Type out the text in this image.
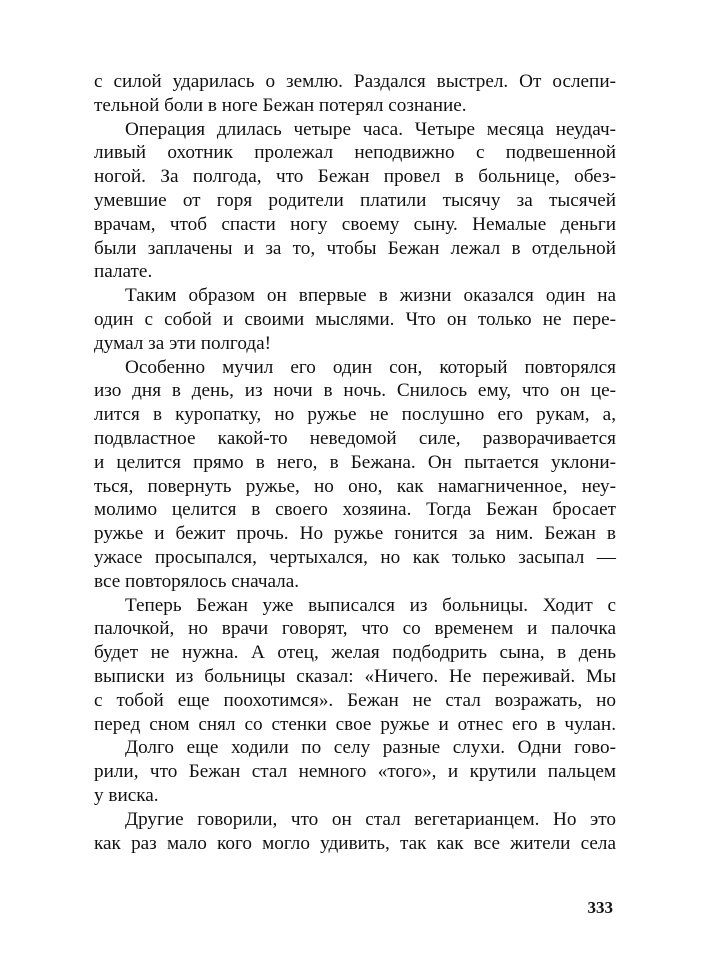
с силой ударилась о землю. Раздался выстрел. От ослепи-
тельной боли в ноге Бежан потерял сознание.
Операция длилась четыре часа. Четыре месяца неудач-
ливый охотник пролежал неподвижно с подвешенной
ногой. За полгода, что Бежан провел в больнице, обез-
умевшие от горя родители платили тысячу за тысячей
врачам, чтоб спасти ногу своему сыну. Немалые деньги
были заплачены и за то, чтобы Бежан лежал в отдельной
палате.
Таким образом он впервые в жизни оказался один на
один с собой и своими мыслями. Что он только не пере-
думал за эти полгода!
Особенно мучил его один сон, который повторялся
изо дня в день, из ночи в ночь. Снилось ему, что он це-
лится в куропатку, но ружье не послушно его рукам, а,
подвластное какой-то неведомой силе, разворачивается
и целится прямо в него, в Бежана. Он пытается уклони-
ться, повернуть ружье, но оно, как намагниченное, неу-
молимо целится в своего хозяина. Тогда Бежан бросает
ружье и бежит прочь. Но ружье гонится за ним. Бежан в
ужасе просыпался, чертыхался, но как только засыпал —
все повторялось сначала.
Теперь Бежан уже выписался из больницы. Ходит с
палочкой, но врачи говорят, что со временем и палочка
будет не нужна. А отец, желая подбодрить сына, в день
выписки из больницы сказал: «Ничего. Не переживай. Мы
с тобой еще поохотимся». Бежан не стал возражать, но
перед сном снял со стенки свое ружье и отнес его в чулан.
Долго еще ходили по селу разные слухи. Одни гово-
рили, что Бежан стал немного «того», и крутили пальцем
у виска.
Другие говорили, что он стал вегетарианцем. Но это
как раз мало кого могло удивить, так как все жители села
333
